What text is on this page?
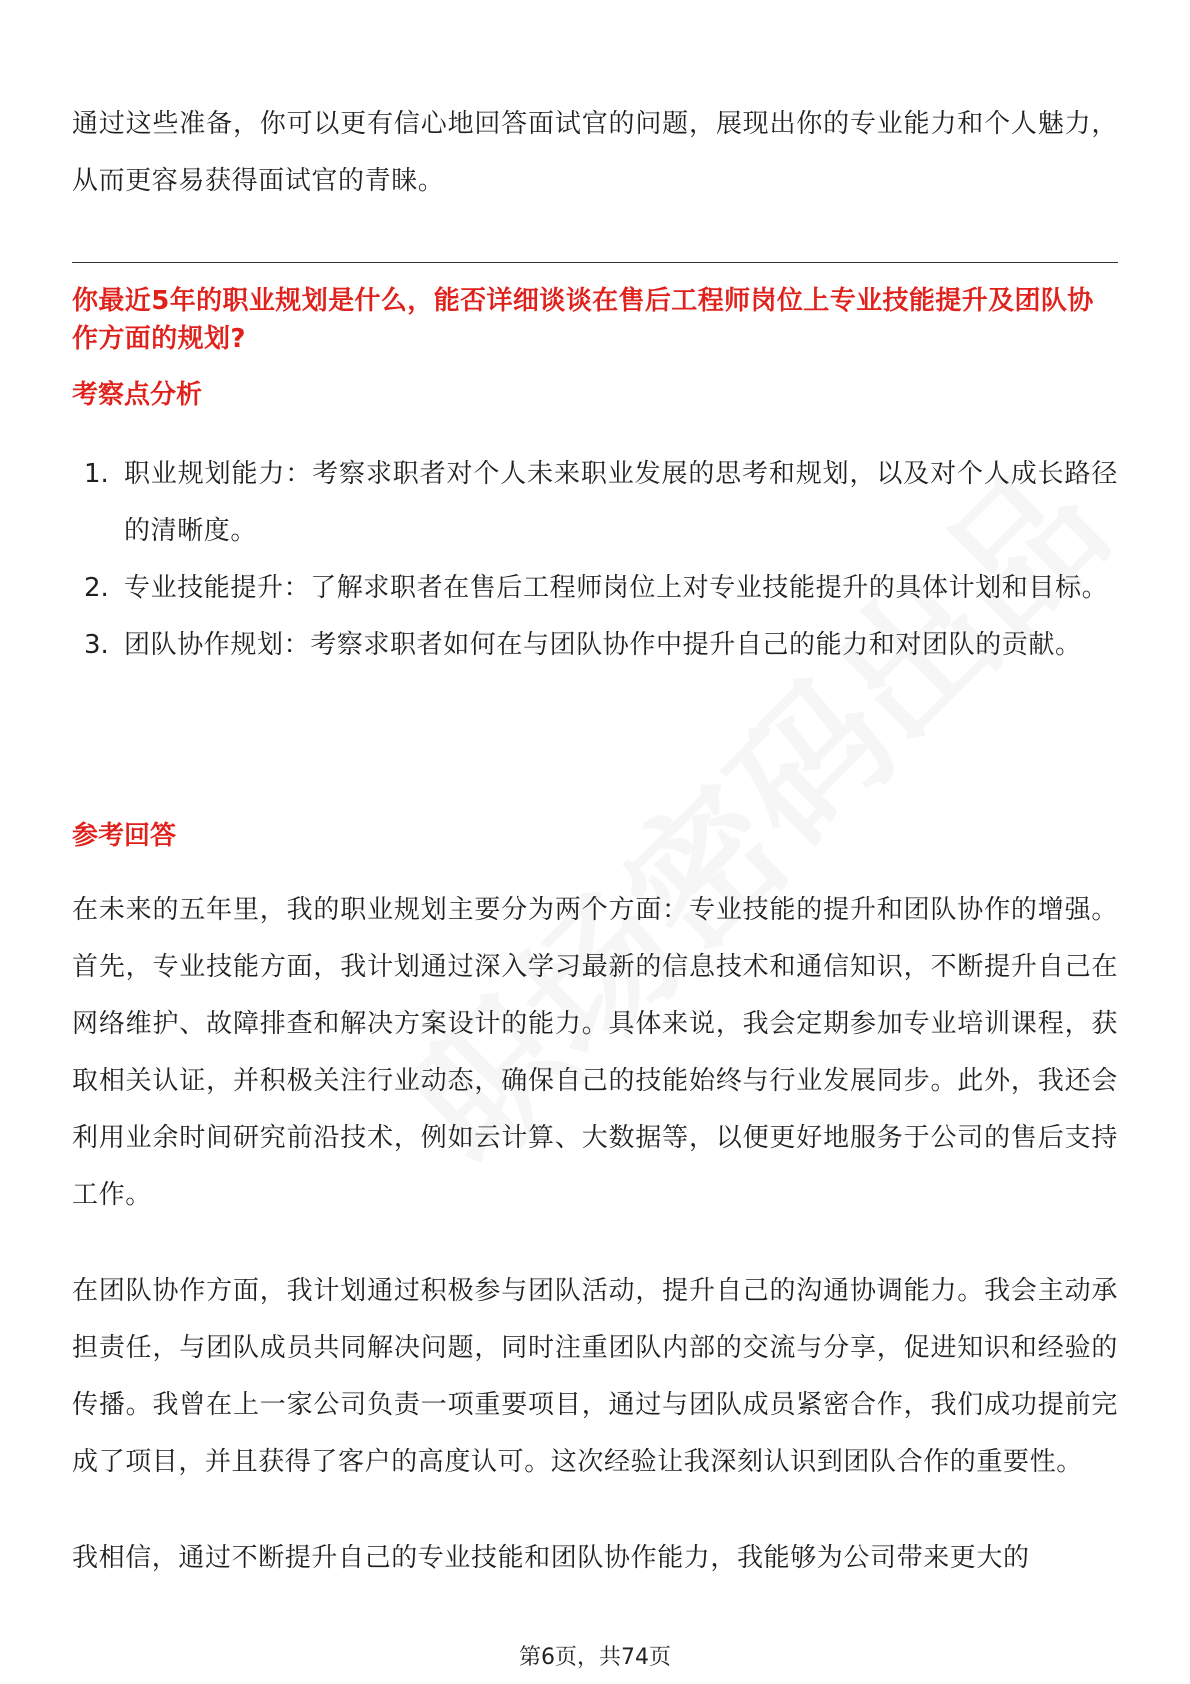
通过这些准备，你可以更有信心地回答面试官的问题，展现出你的专业能力和个人魅力，从而更容易获得面试官的青睐。

你最近5年的职业规划是什么，能否详细谈谈在售后工程师岗位上专业技能提升及团队协作方面的规划?
考察点分析
1. 职业规划能力：考察求职者对个人未来职业发展的思考和规划，以及对个人成长路径的清晰度。

2. 专业技能提升：了解求职者在售后工程师岗位上对专业技能提升的具体计划和目标。

3. 团队协作规划：考察求职者如何在与团队协作中提升自己的能力和对团队的贡献。

参考回答

在未来的五年里，我的职业规划主要分为两个方面：专业技能的提升和团队协作的增强。首先，专业技能方面，我计划通过深入学习最新的信息技术和通信知识，不断提升自己在网络维护、故障排查和解决方案设计的能力。具体来说，我会定期参加专业培训课程，获取相关认证，并积极关注行业动态，确保自己的技能始终与行业发展同步。此外，我还会利用业余时间研究前沿技术，例如云计算、大数据等，以便更好地服务于公司的售后支持工作。

在团队协作方面，我计划通过积极参与团队活动，提升自己的沟通协调能力。我会主动承担责任，与团队成员共同解决问题，同时注重团队内部的交流与分享，促进知识和经验的传播。我曾在上一家公司负责一项重要项目，通过与团队成员紧密合作，我们成功提前完成了项目，并且获得了客户的高度认可。这次经验让我深刻认识到团队合作的重要性。

我相信，通过不断提升自己的专业技能和团队协作能力，我能够为公司带来更大的

第6页，共74页
